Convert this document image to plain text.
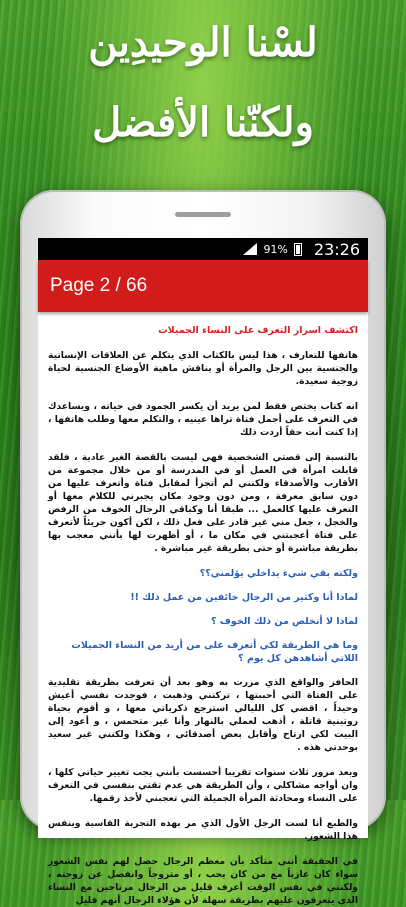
لسْنا الوحيدِين
ولكنّنا الأفضل
91% 23:26
Page 2 / 66
اكتشف اسرار التعرف على النساء الجميلات

هاتفها للتعارف ، هذا ليس بالكتاب الذي يتكلم عن العلاقات الإنسانية والجنسية بين الرجل والمرأة أو يناقش ماهية الأوضاع الجنسية لحياة زوجية سعيدة.

انه كتاب يختص فقط لمن يريد أن يكسر الجمود في حياته ، ويساعدك في التعرف على أجمل فتاة تراها عينيه ، والتكلم معها وطلب هاتفها ، إذا كنت أنت حقاً أردت ذلك

بالنسبة إلى قصتي الشخصية فهي ليست بالقصة الغير عادية ، فلقد قابلت امرأة في العمل أو في المدرسة أو من خلال مجموعة من الأقارب والأصدقاء ولكنني لم أتجرأ لمقابل فتاة وأتعرف عليها من دون سابق معرفة ، ومن دون وجود مكان يجبرني للكلام معها أو التعرف عليها كالعمل ... طبقا أنا وكباقي الرجال الخوف من الرفض والخجل ، جعل مني غير قادر على فعل ذلك ، لكن أكون جريئاً لأتعرف على فتاة أعجبتني في مكان ما ، أو أظهرت لها بأنني معجب بها بطريقة مباشرة أو حتى بطريقة غير مباشرة .

ولكنه بقي شيء يداخلي يؤلمني؟؟

لماذا أنا وكثير من الرجال خائفين من عمل ذلك !!

لماذا لا أتخلص من ذلك الخوف ؟

وما هي الطريقة لكي أتعرف على من أريد من النساء الجميلات اللاتي أشاهدهن كل يوم ؟

الحافز والواقع الذي مررت به وهو بعد أن تعرفت بطريقة تقليدية على الفتاة التي أحببتها ، تركتني وذهبت ، فوجدت نفسي أعيش وحيداً ، اقضي كل الليالي استرجع ذكرياتي معها ، و أقوم بحياة روتينية قاتلة ، أذهب لعملي بالنهار وأنا غير متحمس ، و أعود إلى البيت لكي ارتاح وأقابل بعض أصدقائي ، وهكذا ولكنني غير سعيد بوحدتي هذه .

وبعد مرور ثلاث سنوات تقريبا أحسست بأنني يجب تغيير حياتي كلها ، وان أواجه مشاكلي ، وأن الطريقة هي عدم تقتي بنفسي في التعرف على النساء ومحادثة المرأة الجميلة التي تعجبني لأخذ رقمها.

والطبع أنا لست الرجل الأول الذي مر بهذه التجربة القاسية وبنفس هذا الشعور.

في الحقيقة أنني متأكد بأن معظم الرجال حصل لهم نفس الشعور سواء كان عازباً مع من كان يحب ، أو متزوجاً وانفصل عن زوجته ، ولكنني في نفس الوقت أعرف قليل من الرجال مرتاحين مع النساء الذي يتعرفون عليهم بطريقة سهلة لأن هؤلاء الرجال أنهم قليل
